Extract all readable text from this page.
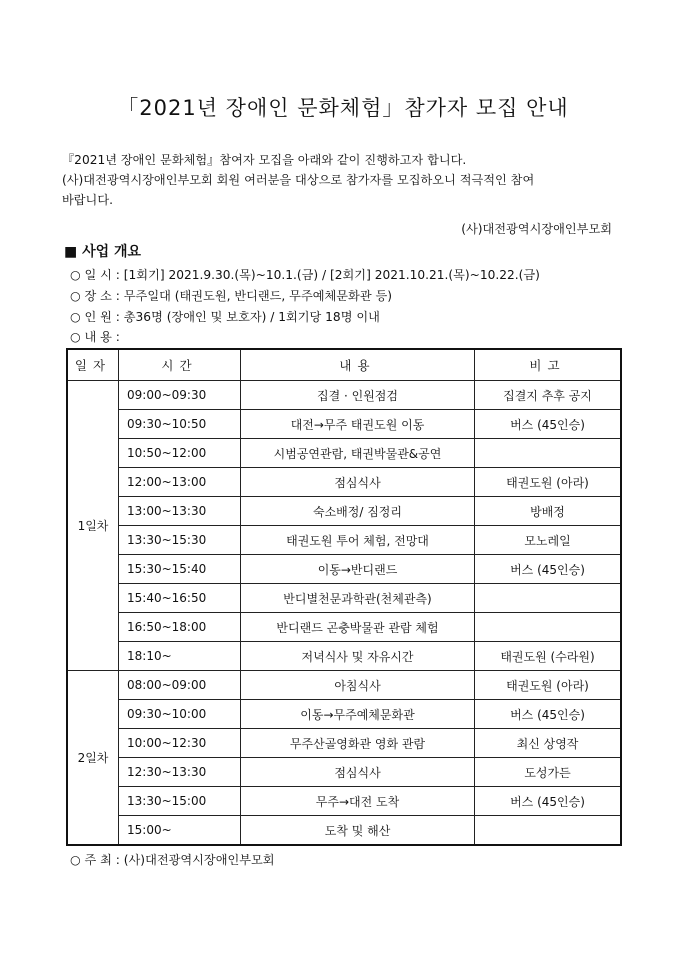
「2021년 장애인 문화체험」참가자 모집 안내

『2021년 장애인 문화체험』참여자 모집을 아래와 같이 진행하고자 합니다.

(사)대전광역시장애인부모회 회원 여러분을 대상으로 참가자를 모집하오니 적극적인 참여

바랍니다.

(사)대전광역시장애인부모회
■ 사업 개요
○ 일 시 : [1회기] 2021.9.30.(목)~10.1.(금) / [2회기] 2021.10.21.(목)~10.22.(금)
○ 장 소 : 무주일대 (태권도원, 반디랜드, 무주예체문화관 등)
○ 인 원 : 총36명 (장애인 및 보호자) / 1회기당 18명 이내
○ 내 용 :
일자	시간	내용	비고
1일차	09:00~09:30	집결 · 인원점검	집결지 추후 공지
	09:30~10:50	대전→무주 태권도원 이동	버스 (45인승)
	10:50~12:00	시범공연관람, 태권박물관&공연	
	12:00~13:00	점심식사	태권도원 (아라)
	13:00~13:30	숙소배정/ 짐정리	방배정
	13:30~15:30	태권도원 투어 체험, 전망대	모노레일
	15:30~15:40	이동→반디랜드	버스 (45인승)
	15:40~16:50	반디별천문과학관(천체관측)	
	16:50~18:00	반디랜드 곤충박물관 관람 체험	
	18:10~	저녁식사 및 자유시간	태권도원 (수라원)
2일차	08:00~09:00	아침식사	태권도원 (아라)
	09:30~10:00	이동→무주예체문화관	버스 (45인승)
	10:00~12:30	무주산골영화관 영화 관람	최신 상영작
	12:30~13:30	점심식사	도성가든
	13:30~15:00	무주→대전 도착	버스 (45인승)
	15:00~	도착 및 해산	
○ 주 최 : (사)대전광역시장애인부모회
